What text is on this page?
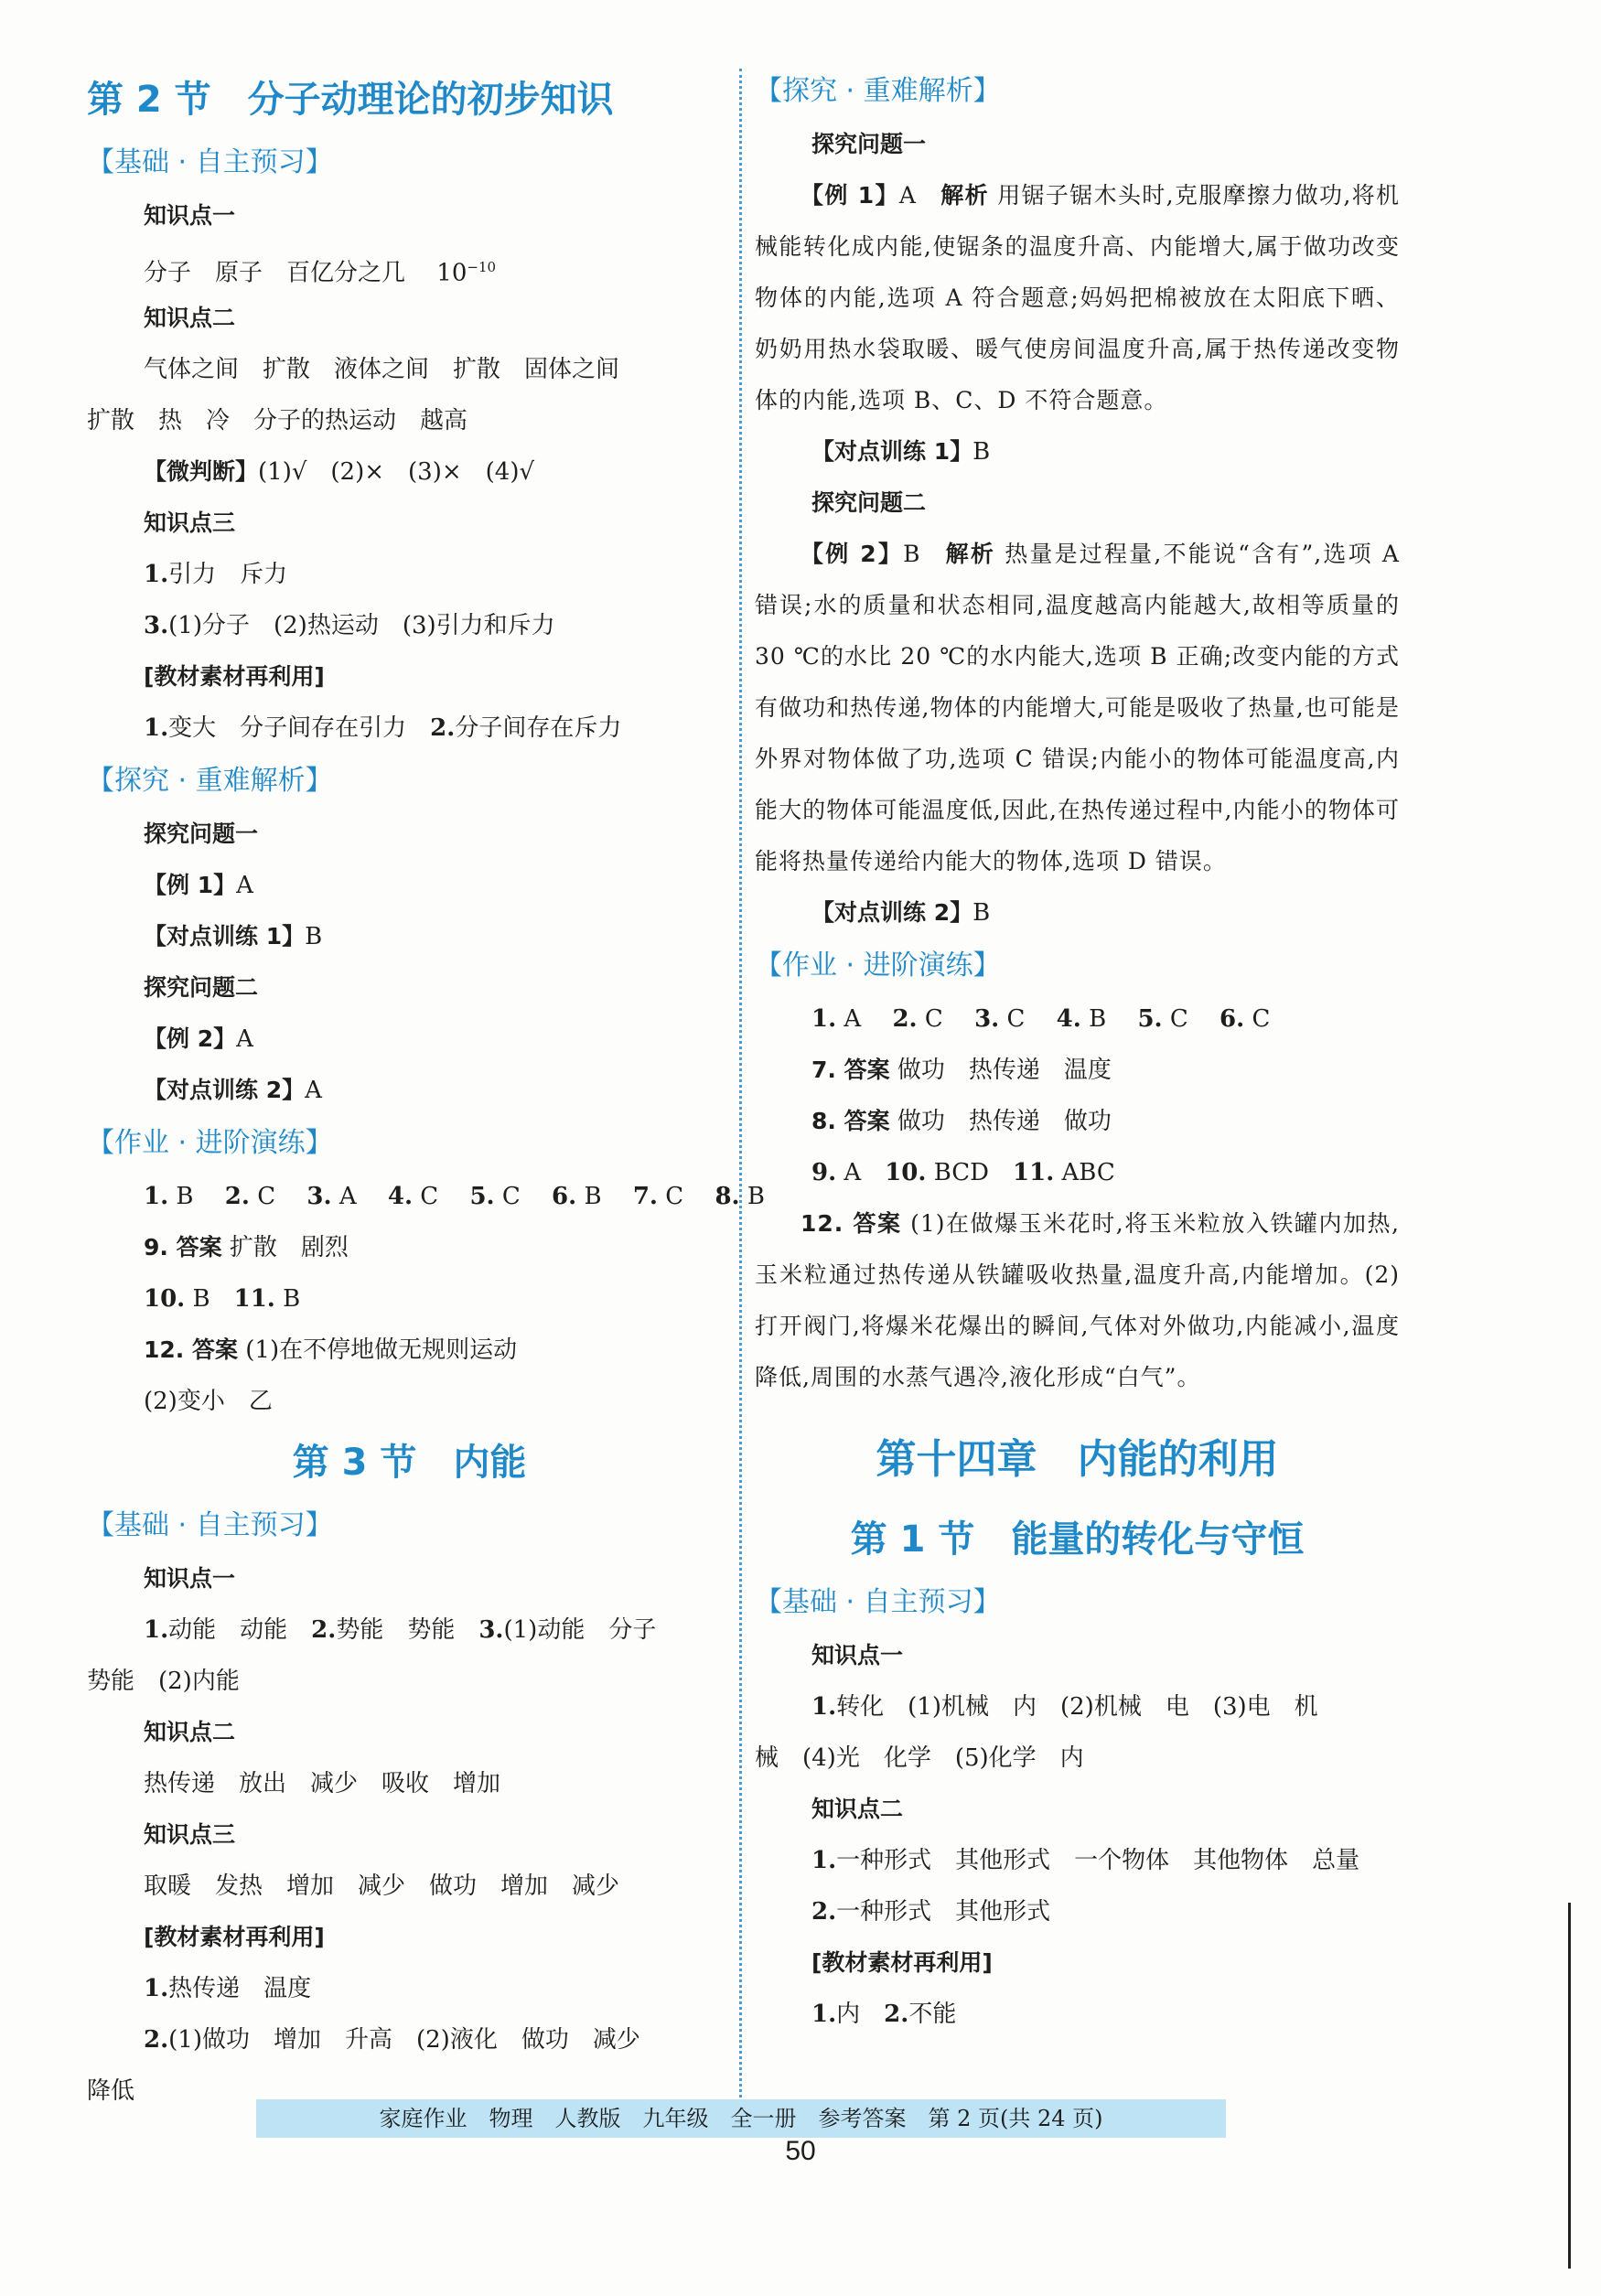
第 2 节　分子动理论的初步知识
【基础 · 自主预习】
知识点一
分子　原子　百亿分之几 $10^{-10}$
知识点二
气体之间　扩散　液体之间　扩散　固体之间
扩散　热　冷　分子的热运动　越高
【微判断】(1)√　(2)×　(3)×　(4)√
知识点三
1.引力　斥力
3.(1)分子　(2)热运动　(3)引力和斥力
[教材素材再利用]
1.变大　分子间存在引力 2.分子间存在斥力
【探究 · 重难解析】
探究问题一
【例 1】A
【对点训练 1】B
探究问题二
【例 2】A
【对点训练 2】A
【作业 · 进阶演练】
1. B 2. C 3. A 4. C 5. C 6. B 7. C 8. B
9. 答案 扩散　剧烈
10. B 11. B
12. 答案 (1)在不停地做无规则运动
(2)变小　乙
第 3 节　内能
【基础 · 自主预习】
知识点一
1.动能　动能 2.势能　势能 3.(1)动能　分子
势能　(2)内能
知识点二
热传递　放出　减少　吸收　增加
知识点三
取暖　发热　增加　减少　做功　增加　减少
[教材素材再利用]
1.热传递　温度
2.(1)做功　增加　升高　(2)液化　做功　减少
降低
【探究 · 重难解析】
探究问题一

【例 1】A 解析 用锯子锯木头时,克服摩擦力做功,将机械能转化成内能,使锯条的温度升高、内能增大,属于做功改变物体的内能,选项 A 符合题意;妈妈把棉被放在太阳底下晒、奶奶用热水袋取暖、暖气使房间温度升高,属于热传递改变物体的内能,选项 B、C、D 不符合题意。

【对点训练 1】B
探究问题二

【例 2】B 解析 热量是过程量,不能说“含有”,选项 A 错误;水的质量和状态相同,温度越高内能越大,故相等质量的 30 ℃的水比 20 ℃的水内能大,选项 B 正确;改变内能的方式有做功和热传递,物体的内能增大,可能是吸收了热量,也可能是外界对物体做了功,选项 C 错误;内能小的物体可能温度高,内能大的物体可能温度低,因此,在热传递过程中,内能小的物体可能将热量传递给内能大的物体,选项 D 错误。

【对点训练 2】B
【作业 · 进阶演练】
1. A 2. C 3. C 4. B 5. C 6. C
7. 答案 做功　热传递　温度
8. 答案 做功　热传递　做功
9. A 10. BCD 11. ABC

12. 答案 (1)在做爆玉米花时,将玉米粒放入铁罐内加热,玉米粒通过热传递从铁罐吸收热量,温度升高,内能增加。(2)打开阀门,将爆米花爆出的瞬间,气体对外做功,内能减小,温度降低,周围的水蒸气遇冷,液化形成“白气”。

第十四章　内能的利用
第 1 节　能量的转化与守恒
【基础 · 自主预习】
知识点一
1.转化　(1)机械　内　(2)机械　电　(3)电　机
械　(4)光　化学　(5)化学　内
知识点二
1.一种形式　其他形式　一个物体　其他物体　总量
2.一种形式　其他形式
[教材素材再利用]
1.内 2.不能
家庭作业　物理　人教版　九年级　全一册　参考答案　第 2 页(共 24 页)
50
